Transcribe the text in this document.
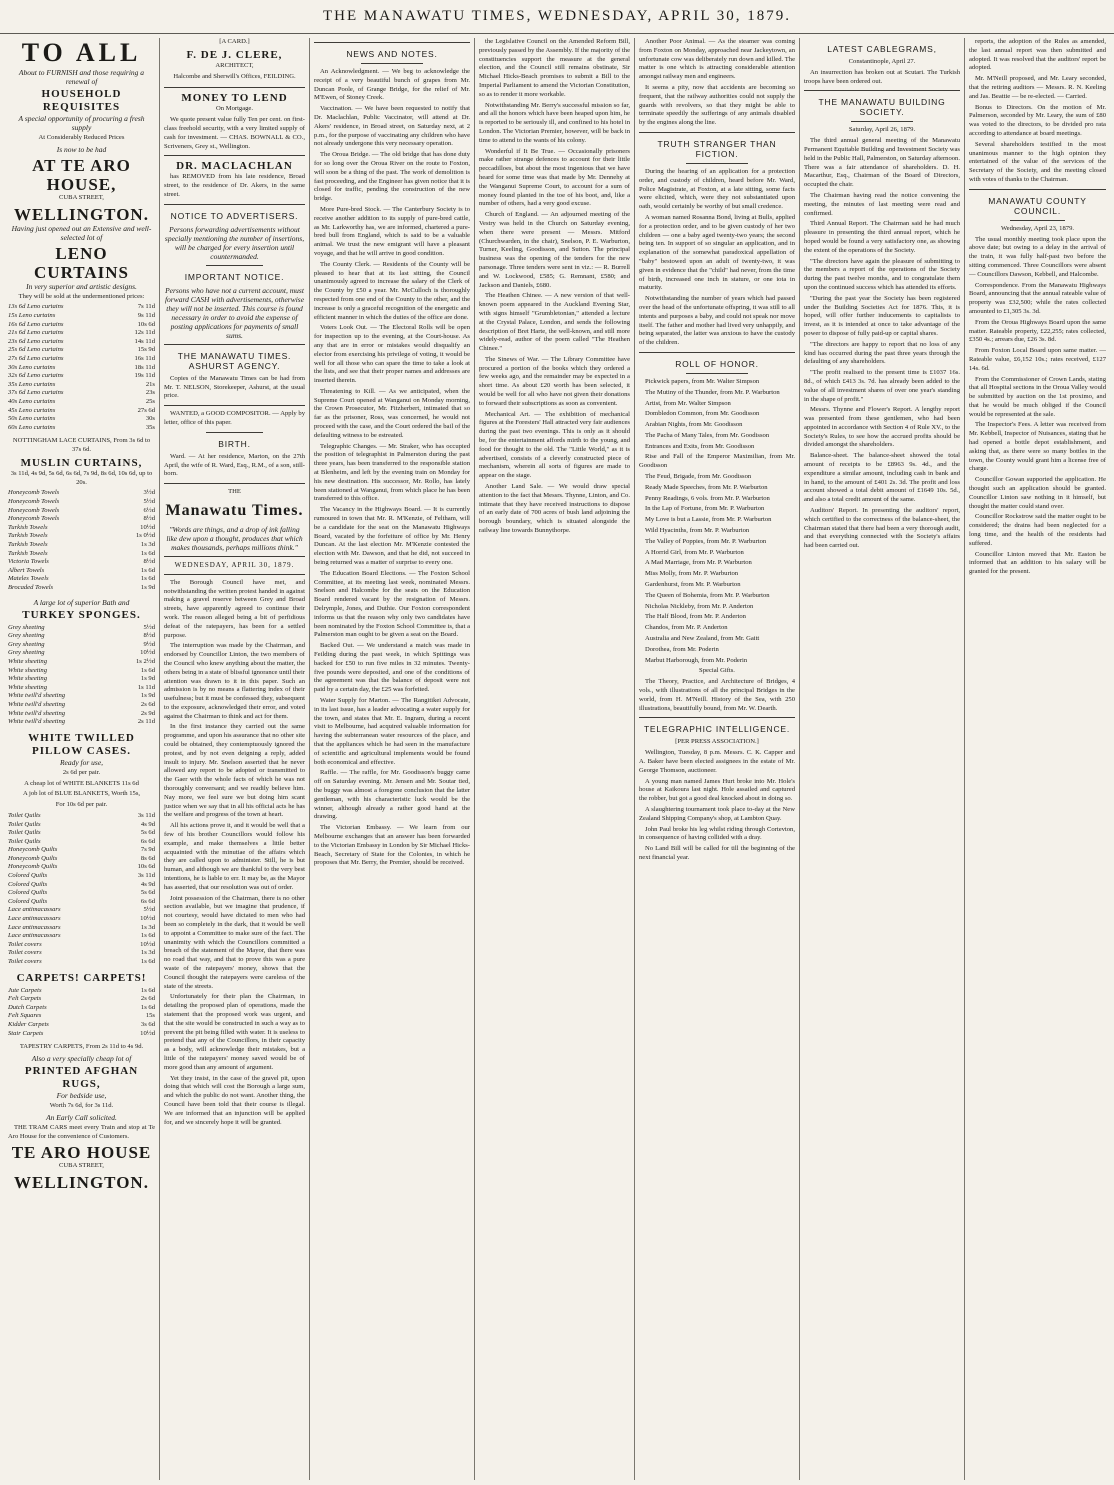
THE MANAWATU TIMES, WEDNESDAY, APRIL 30, 1879.
TO ALL

About to FURNISH and those requiring a renewal of

HOUSEHOLD
REQUISITES

A special opportunity of procuring a fresh supply

At Considerably Reduced Prices

Is now to be had

AT TE ARO HOUSE,

CUBA STREET,

WELLINGTON.

Having just opened out an Extensive and well-selected lot of

LENO CURTAINS

In very superior and artistic designs.

They will be sold at the undermentioned prices:

13s 6d Leno curtains	7s 11d
15s Leno curtains	9s 11d
16s 6d Leno curtains	10s 6d
21s 6d Leno curtains	12s 11d
23s 6d Leno curtains	14s 11d
25s 6d Leno curtains	15s 9d
27s 6d Leno curtains	16s 11d
30s Leno curtains	18s 11d
32s 6d Leno curtains	19s 11d
35s Leno curtains	21s
37s 6d Leno curtains	23s
40s Leno curtains	25s
45s Leno curtains	27s 6d
50s Leno curtains	30s
60s Leno curtains	35s

NOTTINGHAM LACE CURTAINS, From 3s 6d to 37s 6d.

MUSLIN CURTAINS,

3s 11d, 4s 9d, 5s 6d, 6s 6d, 7s 9d, 8s 6d, 10s 6d, up to 20s.

Honeycomb Towels	3½d
Honeycomb Towels	5½d
Honeycomb Towels	6½d
Honeycomb Towels	8½d
Turkish Towels	10½d
Turkish Towels	1s 0½d
Turkish Towels	1s 3d
Turkish Towels	1s 6d
Victoria Towels	8½d
Albert Towels	1s 6d
Mateles Towels	1s 6d
Brocaded Towels	1s 9d

A large lot of superior Bath and

TURKEY SPONGES.
Grey sheeting	5½d
Grey sheeting	8½d
Grey sheeting	9½d
Grey sheeting	10½d
White sheeting	1s 2½d
White sheeting	1s 6d
White sheeting	1s 9d
White sheeting	1s 11d
White twill'd sheeting	1s 9d
White twill'd sheeting	2s 6d
White twill'd sheeting	2s 9d
White twill'd sheeting	2s 11d
WHITE TWILLED PILLOW CASES.

Ready for use,

2s 6d per pair.

A cheap lot of WHITE BLANKETS 11s 6d

A job lot of BLUE BLANKETS, Worth 15s,

For 10s 6d per pair.

Toilet Quilts	3s 11d
Toilet Quilts	4s 9d
Toilet Quilts	5s 6d
Toilet Quilts	6s 6d
Honeycomb Quilts	7s 9d
Honeycomb Quilts	8s 6d
Honeycomb Quilts	10s 6d
Colored Quilts	3s 11d
Colored Quilts	4s 9d
Colored Quilts	5s 6d
Colored Quilts	6s 6d
Lace antimacassars	5½d
Lace antimacassars	10½d
Lace antimacassars	1s 3d
Lace antimacassars	1s 6d
Toilet covers	10½d
Toilet covers	1s 3d
Toilet covers	1s 6d
CARPETS! CARPETS!
Jute Carpets	1s 6d
Felt Carpets	2s 6d
Dutch Carpets	1s 6d
Felt Squares	15s
Kidder Carpets	3s 6d
Stair Carpets	10½d

TAPESTRY CARPETS, From 2s 11d to 4s 9d.

Also a very specially cheap lot of

PRINTED AFGHAN RUGS,

For bedside use,

Worth 7s 6d, for 3s 11d.

An Early Call solicited.

THE TRAM CARS meet every Train and stop at Te Aro House for the convenience of Customers.

TE ARO HOUSE

CUBA STREET,

WELLINGTON.

[A CARD.]

F. DE J. CLERE,

ARCHITECT,

Halcombe and Sherwill's Offices, FEILDING.

MONEY TO LEND

On Mortgage.

We quote present value fully Ten per cent. on first-class freehold security, with a very limited supply of cash for investment. — CHAS. BOWNALL & CO., Scriveners, Grey st., Wellington.

DR. MACLACHLAN

has REMOVED from his late residence, Broad street, to the residence of Dr. Akers, in the same street.

NOTICE TO ADVERTISERS.

Persons forwarding advertisements without specially mentioning the number of insertions, will be charged for every insertion until countermanded.

IMPORTANT NOTICE.

Persons who have not a current account, must forward CASH with advertisements, otherwise they will not be inserted. This course is found necessary in order to avoid the expense of posting applications for payments of small sums.

THE MANAWATU TIMES. ASHURST AGENCY.

Copies of the Manawatu Times can be had from Mr. T. NELSON, Storekeeper, Ashurst, at the usual price.

WANTED, a GOOD COMPOSITOR. — Apply by letter, office of this paper.

BIRTH.

Ward. — At her residence, Marton, on the 27th April, the wife of R. Ward, Esq., R.M., of a son, still-born.

THE

Manawatu Times.

"Words are things, and a drop of ink falling like dew upon a thought, produces that which makes thousands, perhaps millions think."

WEDNESDAY, APRIL 30, 1879.

The Borough Council have met, and notwithstanding the written protest handed in against making a gravel reserve between Grey and Broad streets, have apparently agreed to continue their work. The reason alleged being a bit of perfidious defeat of the ratepayers, has been for a settled purpose.

The interruption was made by the Chairman, and endorsed by Councillor Linton, the two members of the Council who knew anything about the matter, the others being in a state of blissful ignorance until their attention was drawn to it in this paper. Such an admission is by no means a flattering index of their usefulness; but it must be confessed they, subsequent to the exposure, acknowledged their error, and voted against the Chairman to think and act for them.

In the first instance they carried out the same programme, and upon his assurance that no other site could be obtained, they contemptuously ignored the protest, and by not even deigning a reply, added insult to injury. Mr. Snelson asserted that he never allowed any report to be adopted or transmitted to the Gaer with the whole facts of which he was not thoroughly conversant; and we readily believe him. Nay more, we feel sure we but doing him scant justice when we say that in all his official acts he has the welfare and progress of the town at heart.

All his actions prove it, and it would be well that a few of his brother Councillors would follow his example, and make themselves a little better acquainted with the minutiae of the affairs which they are called upon to administer. Still, he is but human, and although we are thankful to the very best intentions, he is liable to err. It may be, as the Mayor has asserted, that our resolution was out of order.

Joint possession of the Chairman, there is no other section available, but we imagine that prudence, if not courtesy, would have dictated to men who had been so completely in the dark, that it would be well to appoint a Committee to make sure of the fact. The unanimity with which the Councillors committed a breach of the statement of the Mayor, that there was no road that way, and that to prove this was a pure waste of the ratepayers' money, shows that the Council thought the ratepayers were careless of the state of the streets.

Unfortunately for their plan the Chairman, in detailing the proposed plan of operations, made the statement that the proposed work was urgent, and that the site would be constructed in such a way as to prevent the pit being filled with water. It is useless to pretend that any of the Councillors, in their capacity as a body, will acknowledge their mistakes, but a little of the ratepayers' money saved would be of more good than any amount of argument.

Yet they insist, in the case of the gravel pit, upon doing that which will cost the Borough a large sum, and which the public do not want. Another thing, the Council have been told that their course is illegal. We are informed that an injunction will be applied for, and we sincerely hope it will be granted.

NEWS AND NOTES.

An Acknowledgment. — We beg to acknowledge the receipt of a very beautiful bunch of grapes from Mr. Duncan Poole, of Grange Bridge, for the relief of Mr. M'Ewen, of Stoney Creek.

Vaccination. — We have been requested to notify that Dr. Maclachlan, Public Vaccinator, will attend at Dr. Akers' residence, in Broad street, on Saturday next, at 2 p.m., for the purpose of vaccinating any children who have not already undergone this very necessary operation.

The Oroua Bridge. — The old bridge that has done duty for so long over the Oroua River on the route to Foxton, will soon be a thing of the past. The work of demolition is fast proceeding, and the Engineer has given notice that it is closed for traffic, pending the construction of the new bridge.

More Pure-bred Stock. — The Canterbury Society is to receive another addition to its supply of pure-bred cattle, as Mr. Larkworthy has, we are informed, chartered a pure-bred bull from England, which is said to be a valuable animal. We trust the new emigrant will have a pleasant voyage, and that he will arrive in good condition.

The County Clerk. — Residents of the County will be pleased to hear that at its last sitting, the Council unanimously agreed to increase the salary of the Clerk of the County by £50 a year. Mr. McCulloch is thoroughly respected from one end of the County to the other, and the increase is only a graceful recognition of the energetic and efficient manner in which the duties of the office are done.

Voters Look Out. — The Electoral Rolls will be open for inspection up to the evening, at the Court-house. As any that are in error or mistakes would disqualify an elector from exercising his privilege of voting, it would be well for all those who can spare the time to take a look at the lists, and see that their proper names and addresses are inserted therein.

Threatening to Kill. — As we anticipated, when the Supreme Court opened at Wanganui on Monday morning, the Crown Prosecutor, Mr. Fitzherbert, intimated that so far as the prisoner, Ross, was concerned, he would not proceed with the case, and the Court ordered the bail of the defaulting witness to be estreated.

Telegraphic Changes. — Mr. Straker, who has occupied the position of telegraphist in Palmerston during the past three years, has been transferred to the responsible station at Blenheim, and left by the evening train on Monday for his new destination. His successor, Mr. Rollo, has lately been stationed at Wanganui, from which place he has been transferred to this office.

The Vacancy in the Highways Board. — It is currently rumoured in town that Mr. R. M'Kenzie, of Feltham, will be a candidate for the seat on the Manawatu Highways Board, vacated by the forfeiture of office by Mr. Henry Duncan. At the last election Mr. M'Kenzie contested the election with Mr. Dawson, and that he did, not succeed in being returned was a matter of surprise to every one.

The Education Board Elections. — The Foxton School Committee, at its meeting last week, nominated Messrs. Snelson and Halcombe for the seats on the Education Board rendered vacant by the resignation of Messrs. Delrymple, Jones, and Duthie. Our Foxton correspondent informs us that the reason why only two candidates have been nominated by the Foxton School Committee is, that a Palmerston man ought to be given a seat on the Board.

Backed Out. — We understand a match was made in Feilding during the past week, in which Spittings was backed for £50 to run five miles in 32 minutes. Twenty-five pounds were deposited, and one of the conditions of the agreement was that the balance of deposit were not paid by a certain day, the £25 was forfeited.

Water Supply for Marton. — The Rangitikei Advocate, in its last issue, has a leader advocating a water supply for the town, and states that Mr. E. Ingram, during a recent visit to Melbourne, had acquired valuable information for having the subterranean water resources of the place, and that the appliances which he had seen in the manufacture of scientific and agricultural implements would be found both economical and effective.

Raffle. — The raffle, for Mr. Goodisson's buggy came off on Saturday evening. Mr. Jensen and Mr. Soutar tied, the buggy was almost a foregone conclusion that the latter gentleman, with his characteristic luck would be the winner, although already a rather good hand at the drawing.

The Victorian Embassy. — We learn from our Melbourne exchanges that an answer has been forwarded to the Victorian Embassy in London by Sir Michael Hicks-Beach, Secretary of State for the Colonies, in which he proposes that Mr. Berry, the Premier, should be received.

the Legislative Council on the Amended Reform Bill, previously passed by the Assembly. If the majority of the constituencies support the measure at the general election, and the Council still remains obstinate, Sir Michael Hicks-Beach promises to submit a Bill to the Imperial Parliament to amend the Victorian Constitution, so as to render it more workable.

Notwithstanding Mr. Berry's successful mission so far, and all the honors which have been heaped upon him, he is reported to be seriously ill, and confined to his hotel in London. The Victorian Premier, however, will be back in time to attend to the wants of his colony.

Wonderful if It Be True. — Occasionally prisoners make rather strange defences to account for their little peccadilloes, but about the most ingenious that we have heard for some time was that made by Mr. Dennehy at the Wanganui Supreme Court, to account for a sum of money found planted in the toe of his boot, and, like a number of others, had a very good excuse.

Church of England. — An adjourned meeting of the Vestry was held in the Church on Saturday evening, when there were present — Messrs. Mitford (Churchwarden, in the chair), Snelson, P. E. Warburton, Turner, Keeling, Goodisson, and Sutton. The principal business was the opening of the tenders for the new parsonage. Three tenders were sent in viz.: — R. Burrell and W. Lockwood, £585; G. Remnant, £580; and Jackson and Daniels, £680.

The Heathen Chinee. — A new version of that well-known poem appeared in the Auckland Evening Star, with signs himself "Grumbletonian," attended a lecture at the Crystal Palace, London, and sends the following description of Bret Harte, the well-known, and still more widely-read, author of the poem called "The Heathen Chinee."

The Sinews of War. — The Library Committee have procured a portion of the books which they ordered a few weeks ago, and the remainder may be expected in a short time. As about £20 worth has been selected, it would be well for all who have not given their donations to forward their subscriptions as soon as convenient.

Mechanical Art. — The exhibition of mechanical figures at the Foresters' Hall attracted very fair audiences during the past two evenings. This is only as it should be, for the entertainment affords mirth to the young, and food for thought to the old. The "Little World," as it is advertised, consists of a cleverly constructed piece of mechanism, wherein all sorts of figures are made to appear on the stage.

Another Land Sale. — We would draw special attention to the fact that Messrs. Thynne, Linton, and Co. intimate that they have received instructions to dispose of an early date of 700 acres of bush land adjoining the borough boundary, which is situated alongside the railway line towards Bunnythorpe.

Another Poor Animal. — As the steamer was coming from Foxton on Monday, approached near Jackeytown, an unfortunate cow was deliberately run down and killed. The matter is one which is attracting considerable attention amongst railway men and engineers.

It seems a pity, now that accidents are becoming so frequent, that the railway authorities could not supply the guards with revolvers, so that they might be able to terminate speedily the sufferings of any animals disabled by the engines along the line.

TRUTH STRANGER THAN FICTION.

During the hearing of an application for a protection order, and custody of children, heard before Mr. Ward, Police Magistrate, at Foxton, at a late sitting, some facts were elicited, which, were they not substantiated upon oath, would certainly be worthy of but small credence.

A woman named Rosanna Bond, living at Bulls, applied for a protection order, and to be given custody of her two children — one a baby aged twenty-two years; the second being ten. In support of so singular an application, and in explanation of the somewhat paradoxical appellation of "baby" bestowed upon an adult of twenty-two, it was given in evidence that the "child" had never, from the time of birth, increased one inch in stature, or one iota in maturity.

Notwithstanding the number of years which had passed over the head of the unfortunate offspring, it was still to all intents and purposes a baby, and could not speak nor move itself. The father and mother had lived very unhappily, and being separated, the latter was anxious to have the custody of the children.

ROLL OF HONOR.

Pickwick papers, from Mr. Walter Simpson

The Mutiny of the Thunder, from Mr. P. Warburton

Artist, from Mr. Walter Simpson

Dombledon Common, from Mr. Goodisson

Arabian Nights, from Mr. Goodisson

The Pacha of Many Tales, from Mr. Goodisson

Entrances and Exits, from Mr. Goodisson

Rise and Fall of the Emperor Maximilian, from Mr. Goodisson

The Feud, Brigade, from Mr. Goodisson

Ready Made Speeches, from Mr. P. Warburton

Penny Readings, 6 vols. from Mr. P. Warburton

In the Lap of Fortune, from Mr. P. Warburton

My Love is but a Lassie, from Mr. P. Warburton

Wild Hyacinths, from Mr. P. Warburton

The Valley of Poppies, from Mr. P. Warburton

A Horrid Girl, from Mr. P. Warburton

A Mad Marriage, from Mr. P. Warburton

Miss Molly, from Mr. P. Warburton

Gardenhurst, from Mr. P. Warburton

The Queen of Bohemia, from Mr. P. Warburton

Nicholas Nickleby, from Mr. P. Anderton

The Half Blood, from Mr. P. Anderton

Chandos, from Mr. P. Anderton

Australia and New Zealand, from Mr. Gaitt

Dorothea, from Mr. Poderin

Marbut Harborough, from Mr. Poderin

Special Gifts.

The Theory, Practice, and Architecture of Bridges, 4 vols., with illustrations of all the principal Bridges in the world, from H. M'Neill. History of the Sea, with 250 illustrations, beautifully bound, from Mr. W. Dearth.

TELEGRAPHIC INTELLIGENCE.

[PER PRESS ASSOCIATION.]

Wellington, Tuesday, 8 p.m. Messrs. C. K. Capper and A. Baker have been elected assignees in the estate of Mr. George Thomson, auctioneer.

A young man named James Hurt broke into Mr. Hole's house at Kaikoura last night. Hole assailed and captured the robber, but got a good deal knocked about in doing so.

A slaughtering tournament took place to-day at the New Zealand Shipping Company's shop, at Lambton Quay.

John Paul broke his leg whilst riding through Cortevton, in consequence of having collided with a dray.

No Land Bill will be called for till the beginning of the next financial year.

LATEST CABLEGRAMS,

Constantinople, April 27.

An insurrection has broken out at Scutari. The Turkish troops have been ordered out.

THE MANAWATU BUILDING SOCIETY.

Saturday, April 26, 1879.

The third annual general meeting of the Manawatu Permanent Equitable Building and Investment Society was held in the Public Hall, Palmerston, on Saturday afternoon. There was a fair attendance of shareholders. D. H. Macarthur, Esq., Chairman of the Board of Directors, occupied the chair.

The Chairman having read the notice convening the meeting, the minutes of last meeting were read and confirmed.

Third Annual Report. The Chairman said he had much pleasure in presenting the third annual report, which he hoped would be found a very satisfactory one, as showing the extent of the operations of the Society.

"The directors have again the pleasure of submitting to the members a report of the operations of the Society during the past twelve months, and to congratulate them upon the continued success which has attended its efforts.

"During the past year the Society has been registered under the Building Societies Act for 1876. This, it is hoped, will offer further inducements to capitalists to invest, as it is intended at once to take advantage of the power to dispose of fully paid-up or capital shares.

"The directors are happy to report that no loss of any kind has occurred during the past three years through the defaulting of any shareholders.

"The profit realised to the present time is £1037 16s. 8d., of which £413 3s. 7d. has already been added to the value of all investment shares of over one year's standing in the shape of profit."

Messrs. Thynne and Flower's Report. A lengthy report was presented from these gentlemen, who had been appointed in accordance with Section 4 of Rule XV., to the Society's Rules, to see how the accrued profits should be divided amongst the shareholders.

Balance-sheet. The balance-sheet showed the total amount of receipts to be £8963 9s. 4d., and the expenditure a similar amount, including cash in bank and in hand, to the amount of £401 2s. 3d. The profit and loss account showed a total debit amount of £1649 10s. 5d., and also a total credit amount of the same.

Auditors' Report. In presenting the auditors' report, which certified to the correctness of the balance-sheet, the Chairman stated that there had been a very thorough audit, and that everything connected with the Society's affairs had been carried out.

reports, the adoption of the Rules as amended, the last annual report was then submitted and adopted. It was resolved that the auditors' report be adopted.

Mr. M'Neill proposed, and Mr. Leary seconded, that the retiring auditors — Messrs. R. N. Keeling and Jas. Beattie — be re-elected. — Carried.

Bonus to Directors. On the motion of Mr. Palmerson, seconded by Mr. Leary, the sum of £80 was voted to the directors, to be divided pro rata according to attendance at board meetings.

Several shareholders testified in the most unanimous manner to the high opinion they entertained of the value of the services of the Secretary of the Society, and the meeting closed with votes of thanks to the Chairman.

MANAWATU COUNTY COUNCIL.

Wednesday, April 23, 1879.

The usual monthly meeting took place upon the above date; but owing to a delay in the arrival of the train, it was fully half-past two before the sitting commenced. Three Councillors were absent — Councillors Dawson, Kebbell, and Halcombe.

Correspondence. From the Manawatu Highways Board, announcing that the annual rateable value of property was £32,500; while the rates collected amounted to £1,305 3s. 3d.

From the Oroua Highways Board upon the same matter. Rateable property, £22,255; rates collected, £350 4s.; arrears due, £26 3s. 8d.

From Foxton Local Board upon same matter. — Rateable value, £6,152 10s.; rates received, £127 14s. 6d.

From the Commissioner of Crown Lands, stating that all Hospital sections in the Oroua Valley would be submitted by auction on the 1st proximo, and that he would be much obliged if the Council would be represented at the sale.

The Inspector's Fees. A letter was received from Mr. Kebbell, Inspector of Nuisances, stating that he had opened a bottle depot establishment, and asking that, as there were so many bottles in the town, the County would grant him a license free of charge.

Councillor Gowan supported the application. He thought such an application should be granted. Councillor Linton saw nothing in it himself, but thought the matter could stand over.

Councillor Rockstrow said the matter ought to be considered; the drains had been neglected for a long time, and the health of the residents had suffered.

Councillor Linton moved that Mr. Easton be informed that an addition to his salary will be granted for the present.
